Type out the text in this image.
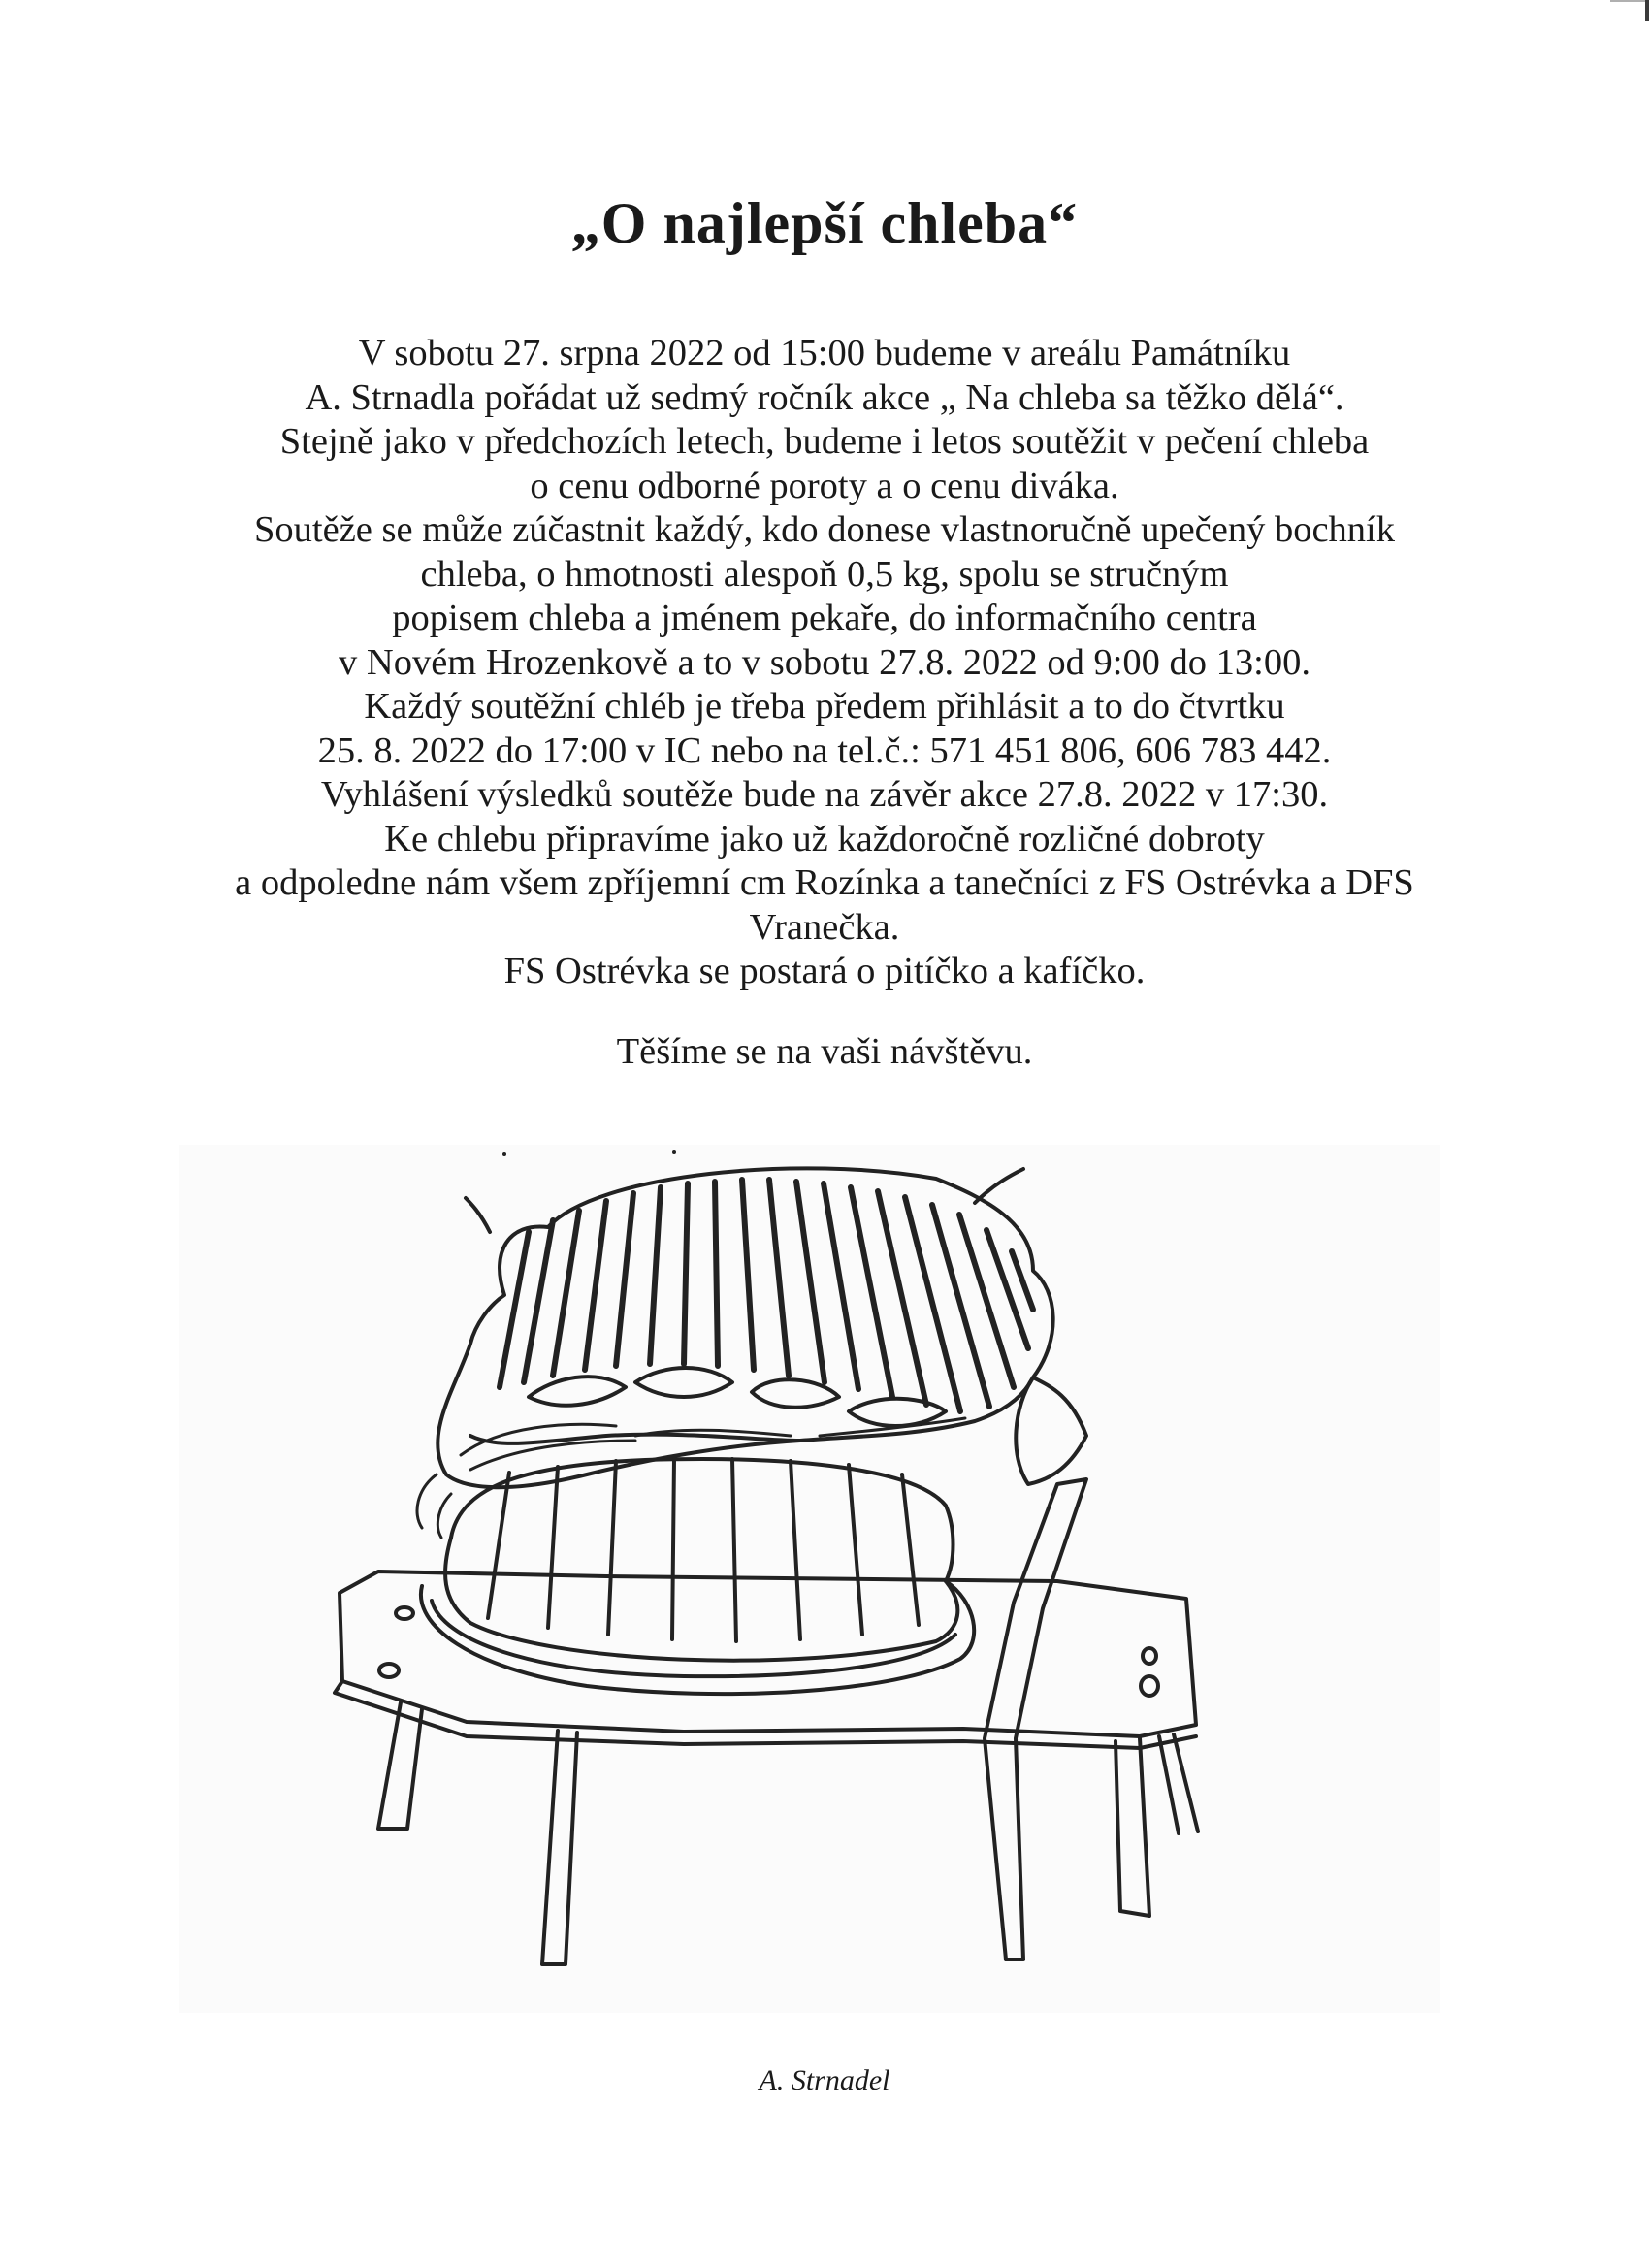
„O najlepší chleba“
V sobotu 27. srpna 2022 od 15:00 budeme v areálu Památníku
A. Strnadla pořádat už sedmý ročník akce „ Na chleba sa těžko dělá“.
Stejně jako v předchozích letech, budeme i letos soutěžit v pečení chleba
o cenu odborné poroty a o cenu diváka.
Soutěže se může zúčastnit každý, kdo donese vlastnoručně upečený bochník
chleba, o hmotnosti alespoň 0,5 kg, spolu se stručným
popisem chleba a jménem pekaře, do informačního centra
v Novém Hrozenkově a to v sobotu 27.8. 2022 od 9:00 do 13:00.
Každý soutěžní chléb je třeba předem přihlásit a to do čtvrtku
25. 8. 2022 do 17:00 v IC nebo na tel.č.: 571 451 806, 606 783 442.
Vyhlášení výsledků soutěže bude na závěr akce 27.8. 2022 v 17:30.
Ke chlebu připravíme jako už každoročně rozličné dobroty
a odpoledne nám všem zpříjemní cm Rozínka a tanečníci z FS Ostrévka a DFS
Vranečka.
FS Ostrévka se postará o pitíčko a kafíčko.
Těšíme se na vaši návštěvu.
A. Strnadel
